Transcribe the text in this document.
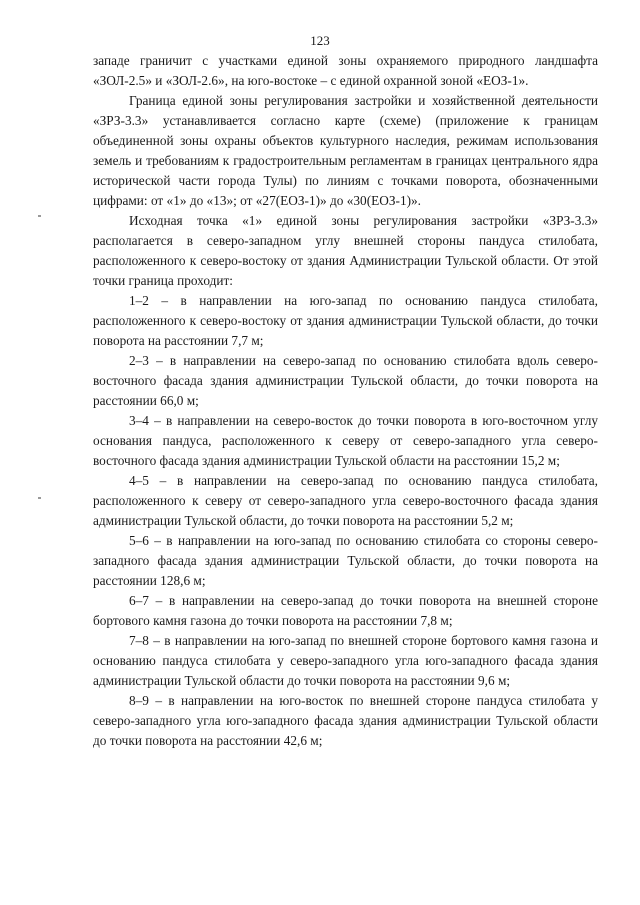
123

западе граничит с участками единой зоны охраняемого природного ландшафта «ЗОЛ-2.5» и «ЗОЛ-2.6», на юго-востоке – с единой охранной зоной «ЕОЗ-1».

Граница единой зоны регулирования застройки и хозяйственной деятельности «ЗРЗ-3.3» устанавливается согласно карте (схеме) (приложение к границам объединенной зоны охраны объектов культурного наследия, режимам использования земель и требованиям к градостроительным регламентам в границах центрального ядра исторической части города Тулы) по линиям с точками поворота, обозначенными цифрами: от «1» до «13»; от «27(ЕОЗ-1)» до «30(ЕОЗ-1)».

Исходная точка «1» единой зоны регулирования застройки «ЗРЗ-3.3» располагается в северо-западном углу внешней стороны пандуса стилобата, расположенного к северо-востоку от здания Администрации Тульской области. От этой точки граница проходит:

1–2 – в направлении на юго-запад по основанию пандуса стилобата, расположенного к северо-востоку от здания администрации Тульской области, до точки поворота на расстоянии 7,7 м;

2–3 – в направлении на северо-запад по основанию стилобата вдоль северо-восточного фасада здания администрации Тульской области, до точки поворота на расстоянии 66,0 м;

3–4 – в направлении на северо-восток до точки поворота в юго-восточном углу основания пандуса, расположенного к северу от северо-западного угла северо-восточного фасада здания администрации Тульской области на расстоянии 15,2 м;

4–5 – в направлении на северо-запад по основанию пандуса стилобата, расположенного к северу от северо-западного угла северо-восточного фасада здания администрации Тульской области, до точки поворота на расстоянии 5,2 м;

5–6 – в направлении на юго-запад по основанию стилобата со стороны северо-западного фасада здания администрации Тульской области, до точки поворота на расстоянии 128,6 м;

6–7 – в направлении на северо-запад до точки поворота на внешней стороне бортового камня газона до точки поворота на расстоянии 7,8 м;

7–8 – в направлении на юго-запад по внешней стороне бортового камня газона и основанию пандуса стилобата у северо-западного угла юго-западного фасада здания администрации Тульской области до точки поворота на расстоянии 9,6 м;

8–9 – в направлении на юго-восток по внешней стороне пандуса стилобата у северо-западного угла юго-западного фасада здания администрации Тульской области до точки поворота на расстоянии 42,6 м;
